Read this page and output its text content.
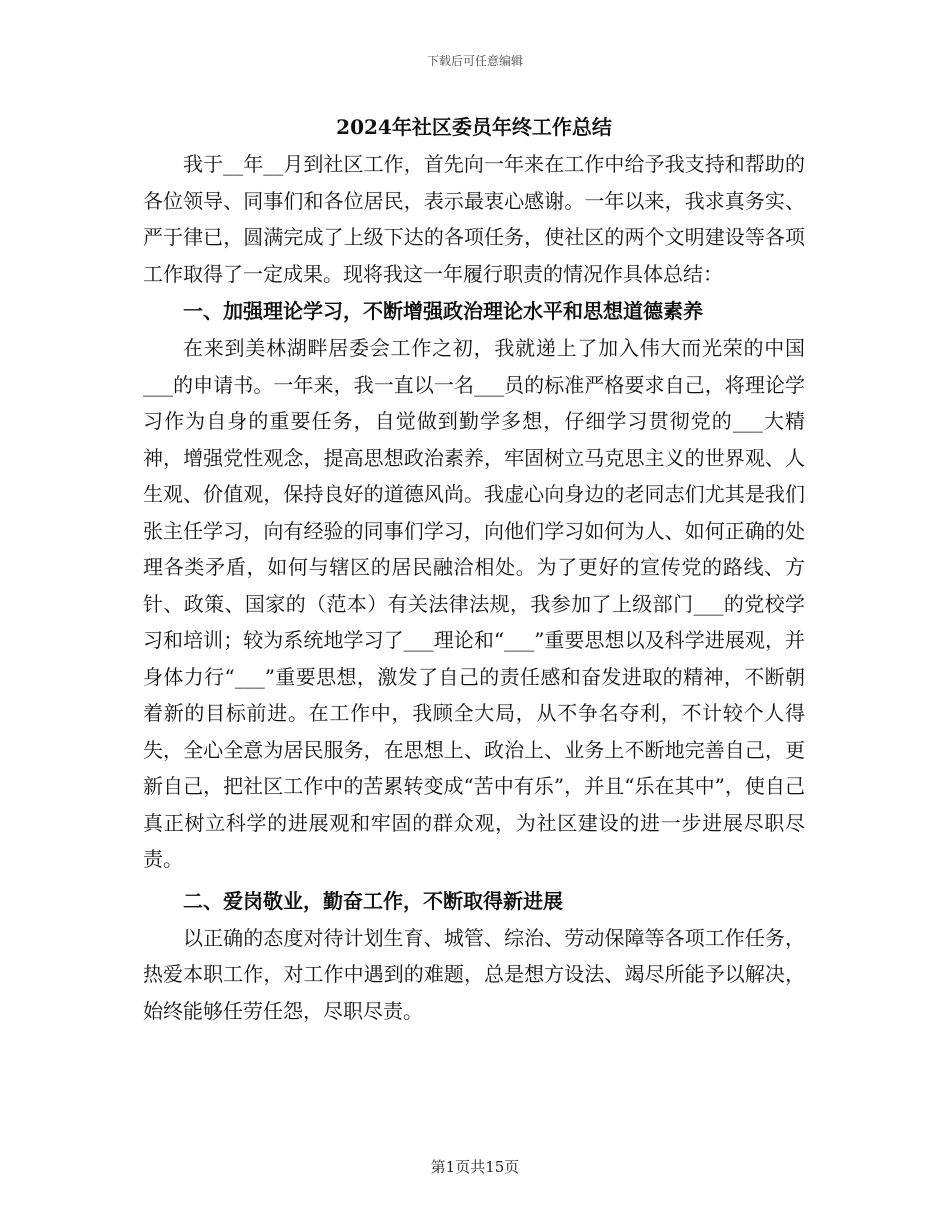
下载后可任意编辑

2024年社区委员年终工作总结

我于__年__月到社区工作，首先向一年来在工作中给予我支持和帮助的各位领导、同事们和各位居民，表示最衷心感谢。一年以来，我求真务实、严于律已，圆满完成了上级下达的各项任务，使社区的两个文明建设等各项工作取得了一定成果。现将我这一年履行职责的情况作具体总结：

一、加强理论学习，不断增强政治理论水平和思想道德素养

在来到美林湖畔居委会工作之初，我就递上了加入伟大而光荣的中国___的申请书。一年来，我一直以一名___员的标准严格要求自己，将理论学习作为自身的重要任务，自觉做到勤学多想，仔细学习贯彻党的___大精神，增强党性观念，提高思想政治素养，牢固树立马克思主义的世界观、人生观、价值观，保持良好的道德风尚。我虚心向身边的老同志们尤其是我们张主任学习，向有经验的同事们学习，向他们学习如何为人、如何正确的处理各类矛盾，如何与辖区的居民融洽相处。为了更好的宣传党的路线、方针、政策、国家的（范本）有关法律法规，我参加了上级部门___的党校学习和培训；较为系统地学习了___理论和“___”重要思想以及科学进展观，并身体力行“___”重要思想，激发了自己的责任感和奋发进取的精神，不断朝着新的目标前进。在工作中，我顾全大局，从不争名夺利，不计较个人得失，全心全意为居民服务，在思想上、政治上、业务上不断地完善自己，更新自己，把社区工作中的苦累转变成“苦中有乐”，并且“乐在其中”，使自己真正树立科学的进展观和牢固的群众观，为社区建设的进一步进展尽职尽责。

二、爱岗敬业，勤奋工作，不断取得新进展

以正确的态度对待计划生育、城管、综治、劳动保障等各项工作任务，热爱本职工作，对工作中遇到的难题，总是想方设法、竭尽所能予以解决，始终能够任劳任怨，尽职尽责。

第1页共15页
